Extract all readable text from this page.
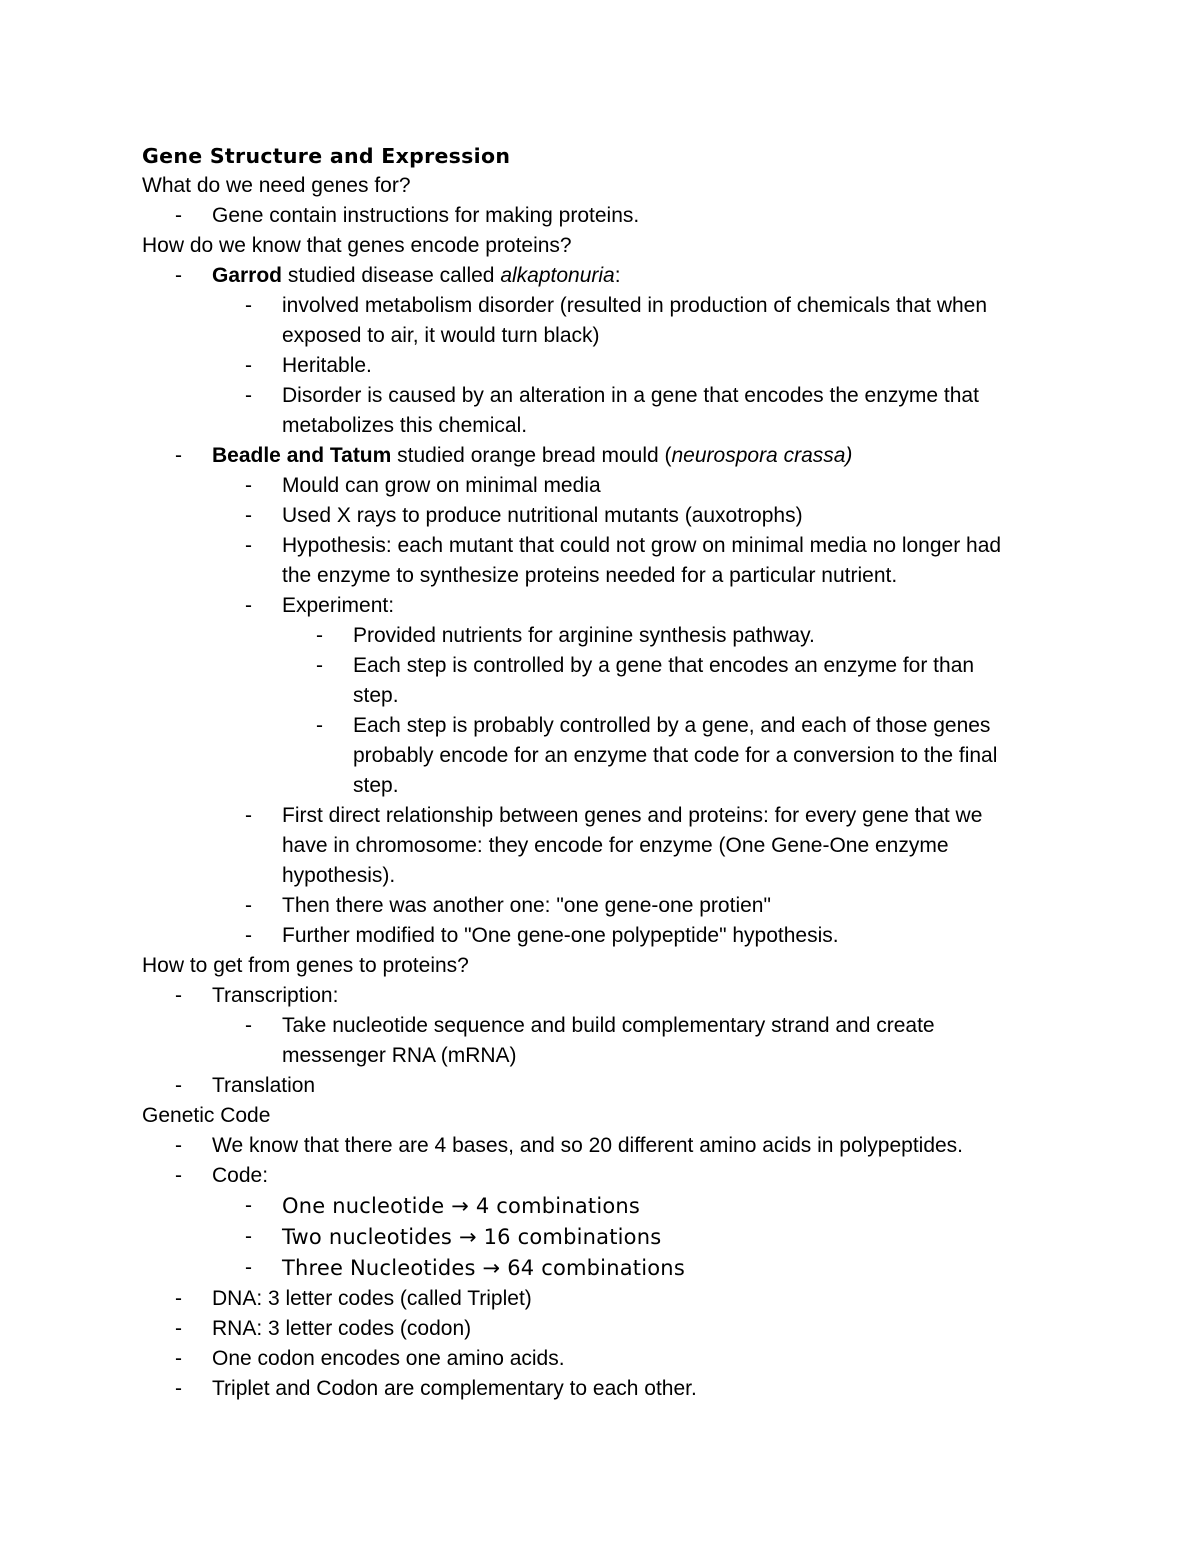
Gene Structure and Expression
What do we need genes for?
- Gene contain instructions for making proteins.
How do we know that genes encode proteins?
- Garrod studied disease called alkaptonuria:
- involved metabolism disorder (resulted in production of chemicals that when
exposed to air, it would turn black)
- Heritable.
- Disorder is caused by an alteration in a gene that encodes the enzyme that
metabolizes this chemical.
- Beadle and Tatum studied orange bread mould (neurospora crassa)
- Mould can grow on minimal media
- Used X rays to produce nutritional mutants (auxotrophs)
- Hypothesis: each mutant that could not grow on minimal media no longer had
the enzyme to synthesize proteins needed for a particular nutrient.
- Experiment:
- Provided nutrients for arginine synthesis pathway.
- Each step is controlled by a gene that encodes an enzyme for than
step.
- Each step is probably controlled by a gene, and each of those genes
probably encode for an enzyme that code for a conversion to the final
step.
- First direct relationship between genes and proteins: for every gene that we
have in chromosome: they encode for enzyme (One Gene-One enzyme
hypothesis).
- Then there was another one: "one gene-one protien"
- Further modified to "One gene-one polypeptide" hypothesis.
How to get from genes to proteins?
- Transcription:
- Take nucleotide sequence and build complementary strand and create
messenger RNA (mRNA)
- Translation
Genetic Code
- We know that there are 4 bases, and so 20 different amino acids in polypeptides.
- Code:
- One nucleotide → 4 combinations
- Two nucleotides → 16 combinations
- Three Nucleotides → 64 combinations
- DNA: 3 letter codes (called Triplet)
- RNA: 3 letter codes (codon)
- One codon encodes one amino acids.
- Triplet and Codon are complementary to each other.
